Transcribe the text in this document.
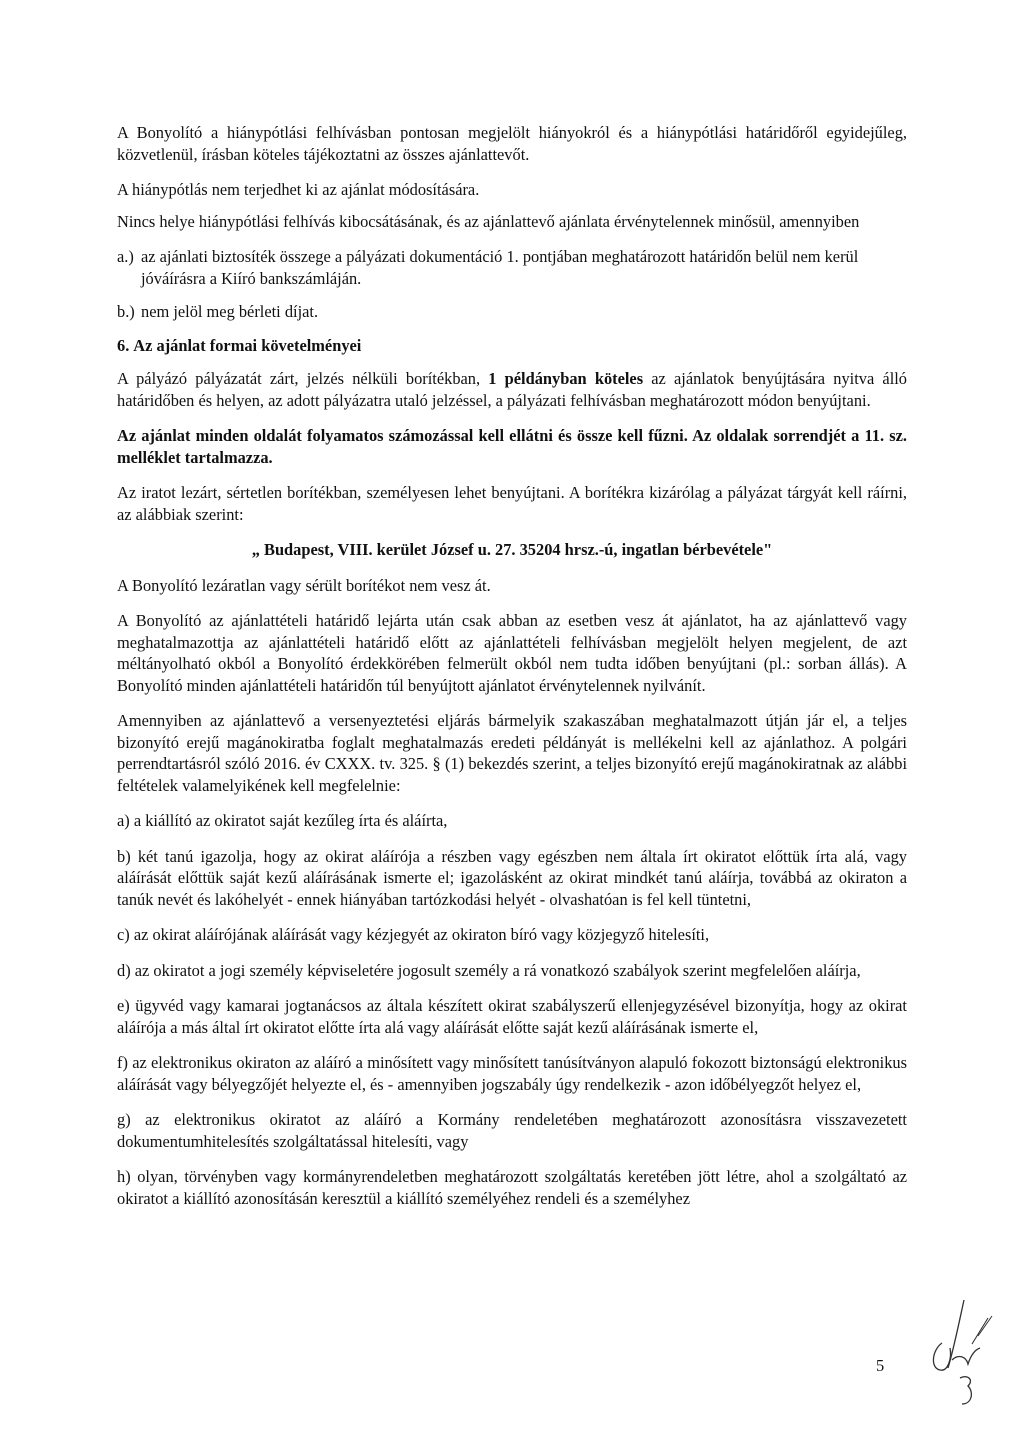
A Bonyolító a hiánypótlási felhívásban pontosan megjelölt hiányokról és a hiánypótlási határidőről egyidejűleg, közvetlenül, írásban köteles tájékoztatni az összes ajánlattevőt.

A hiánypótlás nem terjedhet ki az ajánlat módosítására.

Nincs helye hiánypótlási felhívás kibocsátásának, és az ajánlattevő ajánlata érvénytelennek minősül, amennyiben

a.) az ajánlati biztosíték összege a pályázati dokumentáció 1. pontjában meghatározott határidőn belül nem kerül jóváírásra a Kiíró bankszámláján.
b.) nem jelöl meg bérleti díjat.
6. Az ajánlat formai követelményei

A pályázó pályázatát zárt, jelzés nélküli borítékban, 1 példányban köteles az ajánlatok benyújtására nyitva álló határidőben és helyen, az adott pályázatra utaló jelzéssel, a pályázati felhívásban meghatározott módon benyújtani.

Az ajánlat minden oldalát folyamatos számozással kell ellátni és össze kell fűzni. Az oldalak sorrendjét a 11. sz. melléklet tartalmazza.

Az iratot lezárt, sértetlen borítékban, személyesen lehet benyújtani. A borítékra kizárólag a pályázat tárgyát kell ráírni, az alábbiak szerint:

„ Budapest, VIII. kerület József u. 27. 35204 hrsz.-ú, ingatlan bérbevétele"

A Bonyolító lezáratlan vagy sérült borítékot nem vesz át.

A Bonyolító az ajánlattételi határidő lejárta után csak abban az esetben vesz át ajánlatot, ha az ajánlattevő vagy meghatalmazottja az ajánlattételi határidő előtt az ajánlattételi felhívásban megjelölt helyen megjelent, de azt méltányolható okból a Bonyolító érdekkörében felmerült okból nem tudta időben benyújtani (pl.: sorban állás). A Bonyolító minden ajánlattételi határidőn túl benyújtott ajánlatot érvénytelennek nyilvánít.

Amennyiben az ajánlattevő a versenyeztetési eljárás bármelyik szakaszában meghatalmazott útján jár el, a teljes bizonyító erejű magánokiratba foglalt meghatalmazás eredeti példányát is mellékelni kell az ajánlathoz. A polgári perrendtartásról szóló 2016. év CXXX. tv. 325. § (1) bekezdés szerint, a teljes bizonyító erejű magánokiratnak az alábbi feltételek valamelyikének kell megfelelnie:

a) a kiállító az okiratot saját kezűleg írta és aláírta,

b) két tanú igazolja, hogy az okirat aláírója a részben vagy egészben nem általa írt okiratot előttük írta alá, vagy aláírását előttük saját kezű aláírásának ismerte el; igazolásként az okirat mindkét tanú aláírja, továbbá az okiraton a tanúk nevét és lakóhelyét - ennek hiányában tartózkodási helyét - olvashatóan is fel kell tüntetni,

c) az okirat aláírójának aláírását vagy kézjegyét az okiraton bíró vagy közjegyző hitelesíti,

d) az okiratot a jogi személy képviseletére jogosult személy a rá vonatkozó szabályok szerint megfelelően aláírja,

e) ügyvéd vagy kamarai jogtanácsos az általa készített okirat szabályszerű ellenjegyzésével bizonyítja, hogy az okirat aláírója a más által írt okiratot előtte írta alá vagy aláírását előtte saját kezű aláírásának ismerte el,

f) az elektronikus okiraton az aláíró a minősített vagy minősített tanúsítványon alapuló fokozott biztonságú elektronikus aláírását vagy bélyegzőjét helyezte el, és - amennyiben jogszabály úgy rendelkezik - azon időbélyegzőt helyez el,

g) az elektronikus okiratot az aláíró a Kormány rendeletében meghatározott azonosításra visszavezetett dokumentumhitelesítés szolgáltatással hitelesíti, vagy

h) olyan, törvényben vagy kormányrendeletben meghatározott szolgáltatás keretében jött létre, ahol a szolgáltató az okiratot a kiállító azonosításán keresztül a kiállító személyéhez rendeli és a személyhez

5
